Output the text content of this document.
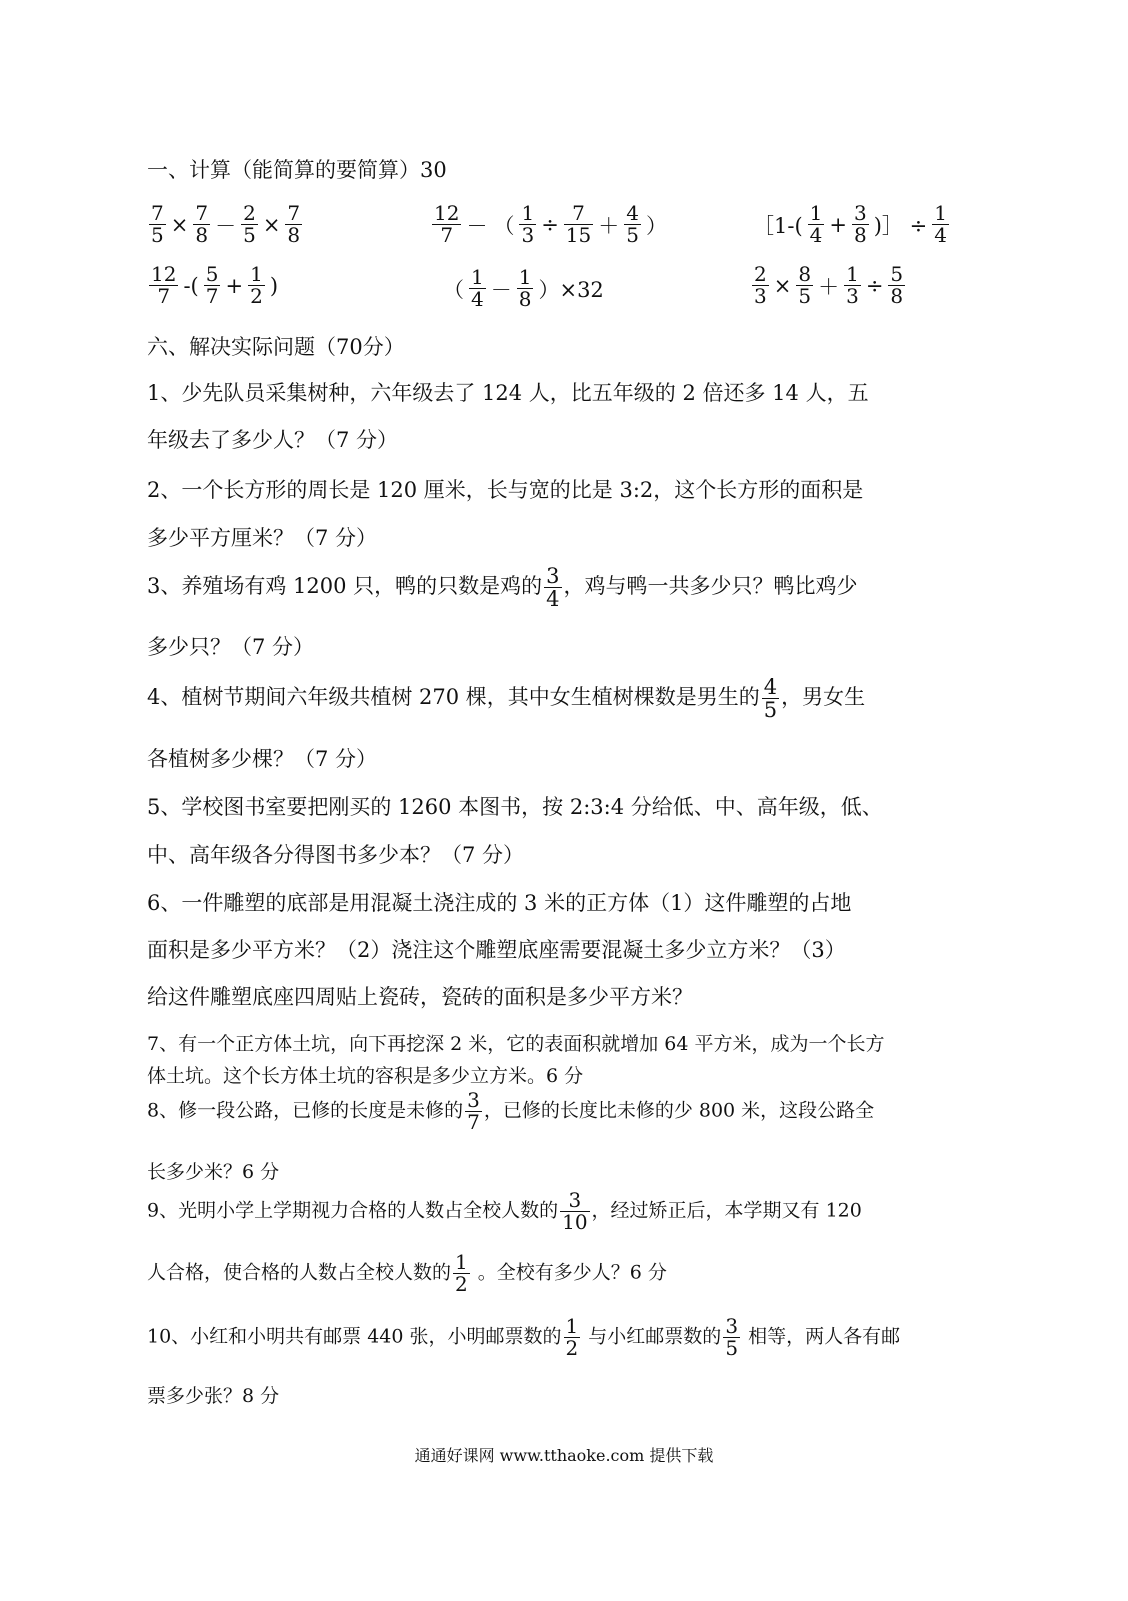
一、计算（能简算的要简算）30
$\frac{7}{5} \times \frac{7}{8} - \frac{2}{5} \times \frac{7}{8}$	$\frac{12}{7}$ － （ $\frac{1}{3} \div \frac{7}{15} + \frac{4}{5}$ ）	［1-( $\frac{1}{4} + \frac{3}{8}$ )］ ÷ $\frac{1}{4}$
$\frac{12}{7}$ -( $\frac{5}{7} + \frac{1}{2}$ )	（ $\frac{1}{4} - \frac{1}{8} )\times 32$	$\frac{2}{3} \times \frac{8}{5} + \frac{1}{3} \div \frac{5}{8}$
六、解决实际问题（70分）
1、少先队员采集树种，六年级去了 124 人，比五年级的 2 倍还多 14 人，五
年级去了多少人？（7 分）
2、一个长方形的周长是 120 厘米，长与宽的比是 3:2，这个长方形的面积是
多少平方厘米？（7 分）
3、养殖场有鸡 1200 只，鸭的只数是鸡的 $\frac{3}{4}$ ，鸡与鸭一共多少只？鸭比鸡少
多少只？（7 分）
4、植树节期间六年级共植树 270 棵，其中女生植树棵数是男生的 $\frac{4}{5}$ ，男女生
各植树多少棵？（7 分）
5、学校图书室要把刚买的 1260 本图书，按 2:3:4 分给低、中、高年级，低、
中、高年级各分得图书多少本？（7 分）
6、一件雕塑的底部是用混凝土浇注成的 3 米的正方体（1）这件雕塑的占地
面积是多少平方米？（2）浇注这个雕塑底座需要混凝土多少立方米？（3）
给这件雕塑底座四周贴上瓷砖，瓷砖的面积是多少平方米？
7、有一个正方体土坑，向下再挖深 2 米，它的表面积就增加 64 平方米，成为一个长方
体土坑。这个长方体土坑的容积是多少立方米。6 分
8、修一段公路，已修的长度是未修的 $\frac{3}{7}$ ，已修的长度比未修的少 800 米，这段公路全
长多少米？6 分
9、光明小学上学期视力合格的人数占全校人数的 $\frac{3}{10}$ ，经过矫正后，本学期又有 120
人合格，使合格的人数占全校人数的 $\frac{1}{2}$ 。全校有多少人？6 分
10、小红和小明共有邮票 440 张，小明邮票数的 $\frac{1}{2}$ 与小红邮票数的 $\frac{3}{5}$ 相等，两人各有邮
票多少张？8 分
通通好课网 www.tthaoke.com 提供下载
